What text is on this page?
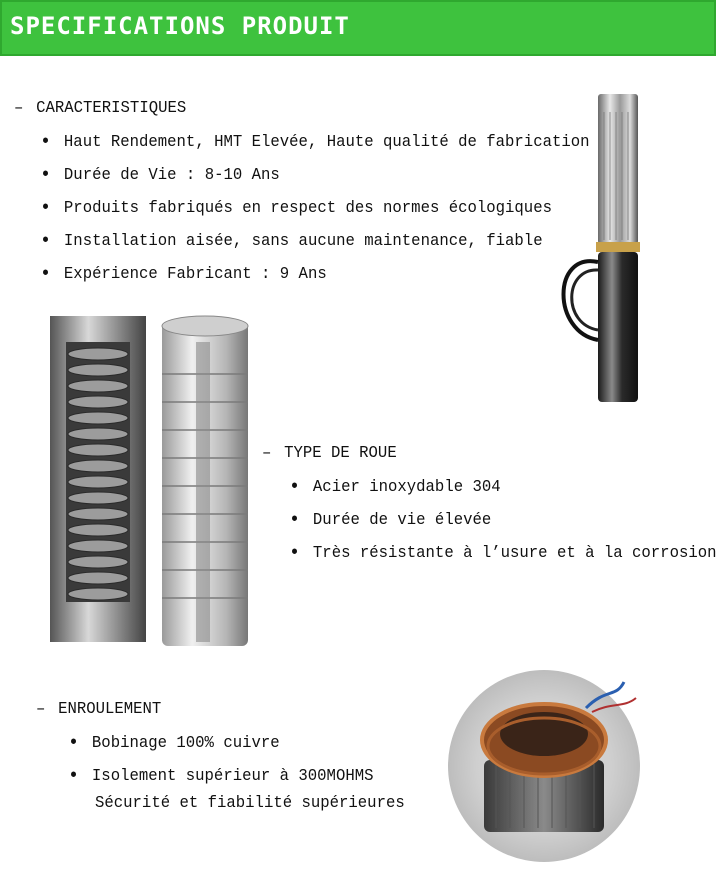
SPECIFICATIONS PRODUIT
– CARACTERISTIQUES
• Haut Rendement, HMT Elevée, Haute qualité de fabrication
• Durée de Vie : 8-10 Ans
• Produits fabriqués en respect des normes écologiques
• Installation aisée, sans aucune maintenance, fiable
• Expérience Fabricant : 9 Ans
– TYPE DE ROUE
• Acier inoxydable 304
• Durée de vie élevée
• Très résistante à l’usure et à la corrosion
– ENROULEMENT
• Bobinage 100% cuivre
• Isolement supérieur à 300MOHMS
Sécurité et fiabilité supérieures
